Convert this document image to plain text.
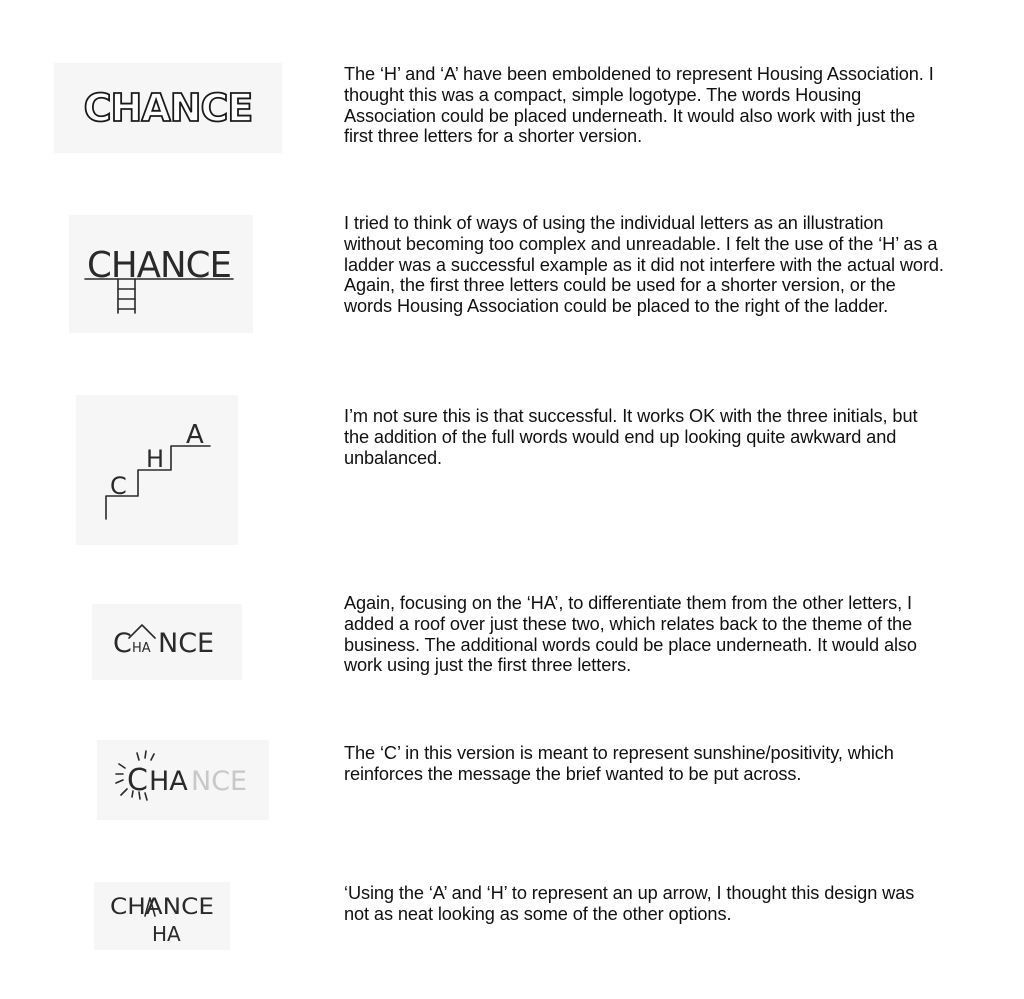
CHANCE

The ‘H’ and ‘A’ have been emboldened to represent Housing Association. I thought this was a compact, simple logotype. The words Housing Association could be placed underneath. It would also work with just the first three letters for a shorter version.

CHANCE

I tried to think of ways of using the individual letters as an illustration without becoming too complex and unreadable. I felt the use of the ‘H’ as a ladder was a successful example as it did not interfere with the actual word. Again, the first three letters could be used for a shorter version, or the words Housing Association could be placed to the right of the ladder.

C
H
A

I’m not sure this is that successful. It works OK with the three initials, but the addition of the full words would end up looking quite awkward and unbalanced.

C HA NCE

Again, focusing on the ‘HA’, to differentiate them from the other letters, I added a roof over just these two, which relates back to the theme of the business. The additional words could be place underneath. It would also work using just the first three letters.

C HA NCE

The ‘C’ in this version is meant to represent sunshine/positivity, which reinforces the message the brief wanted to be put across.

CHANCE
HA

‘Using the ‘A’ and ‘H’ to represent an up arrow, I thought this design was not as neat looking as some of the other options.
